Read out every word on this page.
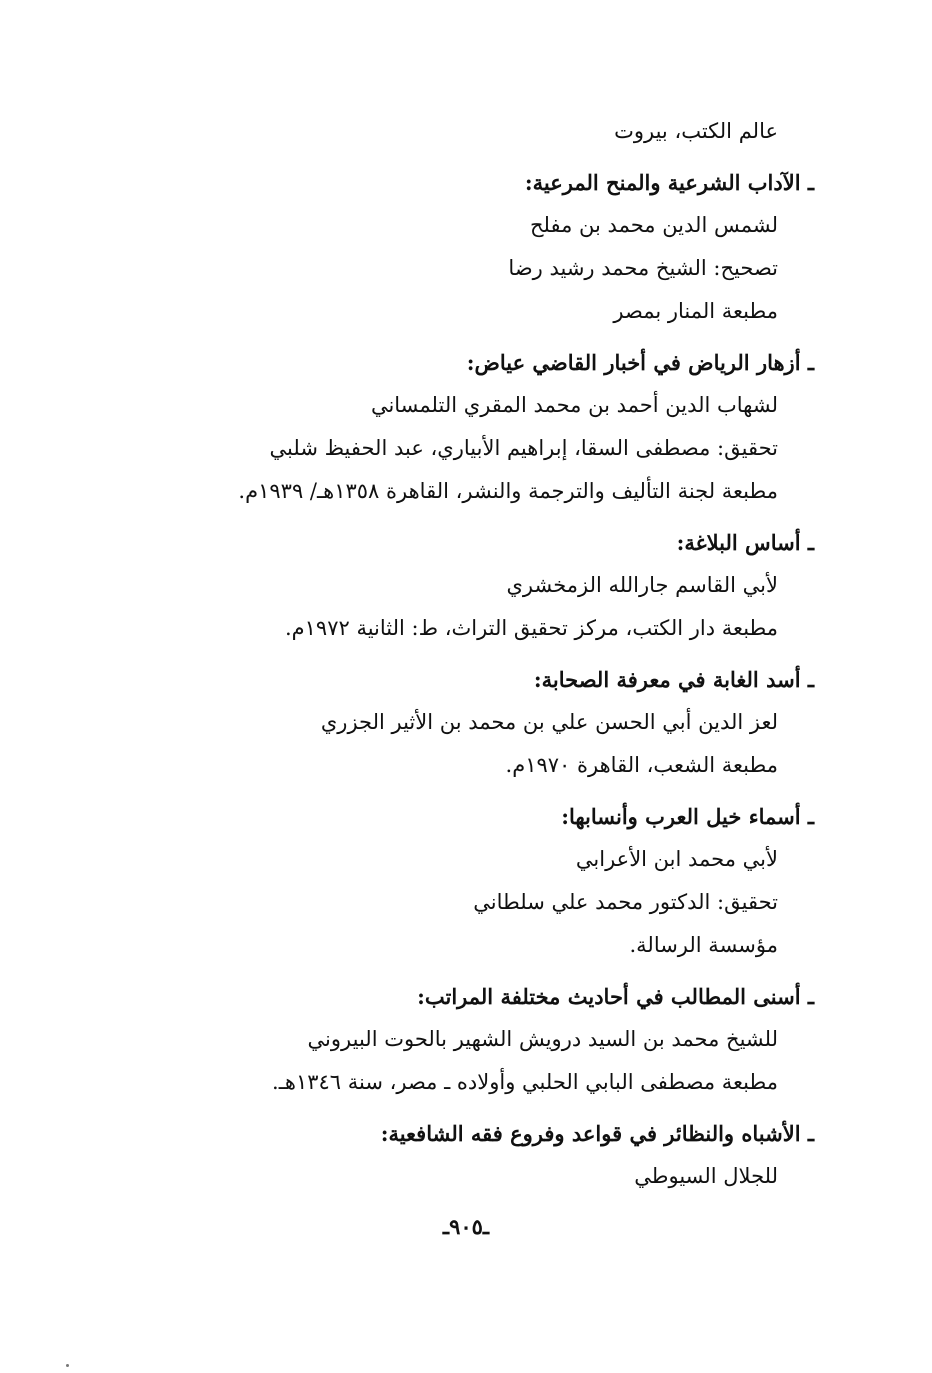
عالم الكتب، بيروت
ـ الآداب الشرعية والمنح المرعية:
لشمس الدين محمد بن مفلح
تصحيح: الشيخ محمد رشيد رضا
مطبعة المنار بمصر
ـ أزهار الرياض في أخبار القاضي عياض:
لشهاب الدين أحمد بن محمد المقري التلمساني
تحقيق: مصطفى السقا، إبراهيم الأبياري، عبد الحفيظ شلبي
مطبعة لجنة التأليف والترجمة والنشر، القاهرة ١٣٥٨هـ/ ١٩٣٩م.
ـ أساس البلاغة:
لأبي القاسم جارالله الزمخشري
مطبعة دار الكتب، مركز تحقيق التراث، ط: الثانية ١٩٧٢م.
ـ أسد الغابة في معرفة الصحابة:
لعز الدين أبي الحسن علي بن محمد بن الأثير الجزري
مطبعة الشعب، القاهرة ١٩٧٠م.
ـ أسماء خيل العرب وأنسابها:
لأبي محمد ابن الأعرابي
تحقيق: الدكتور محمد علي سلطاني
مؤسسة الرسالة.
ـ أسنى المطالب في أحاديث مختلفة المراتب:
للشيخ محمد بن السيد درويش الشهير بالحوت البيروني
مطبعة مصطفى البابي الحلبي وأولاده ـ مصر، سنة ١٣٤٦هـ.
ـ الأشباه والنظائر في قواعد وفروع فقه الشافعية:
للجلال السيوطي
ـ٩٠٥ـ
